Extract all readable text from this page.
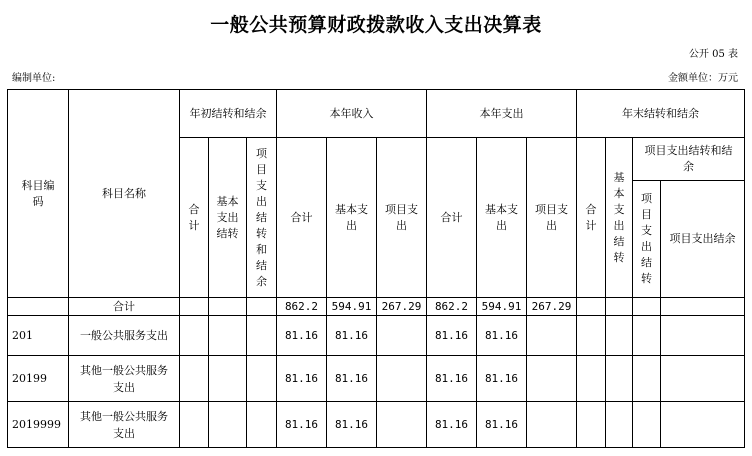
一般公共预算财政拨款收入支出决算表
公开 05 表
编制单位:	金额单位：万元
科目编码	科目名称	年初结转和结余			本年收入			本年支出			年末结转和结余			
		合计	基本支出结转	项目支出结转和结余	合计	基本支出	项目支出	合计	基本支出	项目支出	合计	基本支出结转	项目支出结转和结余	
													项目支出结转	项目支出结余
	合计				862.2	594.91	267.29	862.2	594.91	267.29				
201	一般公共服务支出				81.16	81.16		81.16	81.16					
20199	其他一般公共服务支出				81.16	81.16		81.16	81.16					
2019999	其他一般公共服务支出				81.16	81.16		81.16	81.16					
